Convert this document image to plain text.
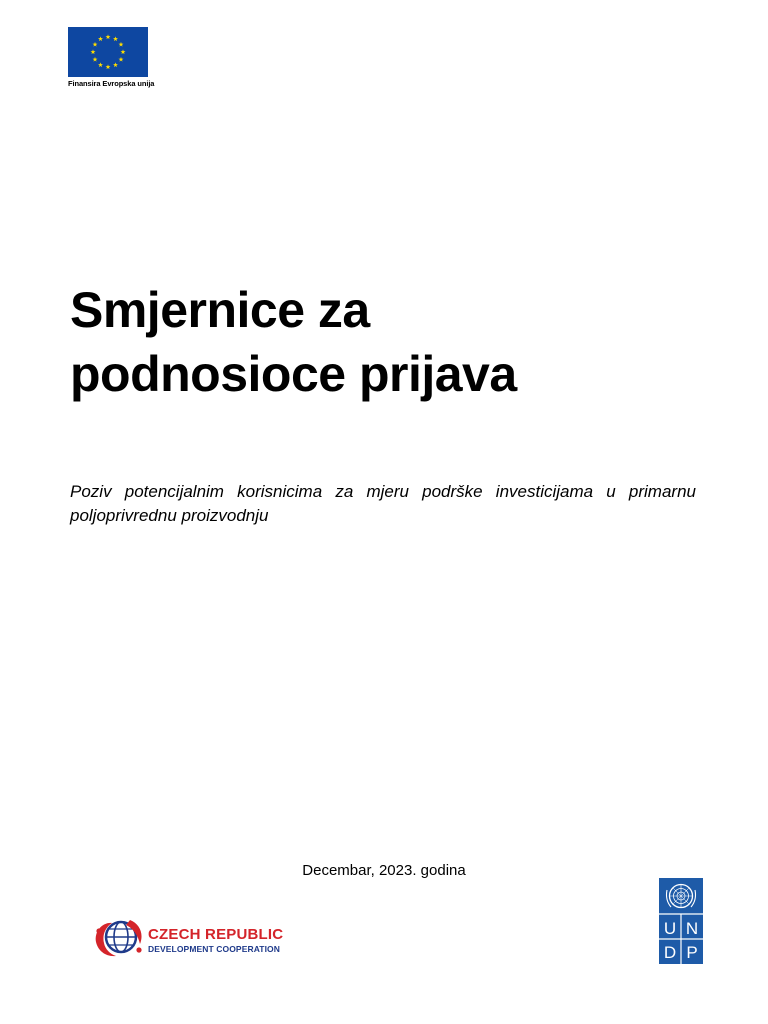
Finansira Evropska unija
Smjernice za
podnosioce prijava

Poziv potencijalnim korisnicima za mjeru podrške investicijama u primarnu poljoprivrednu proizvodnju

Decembar, 2023. godina
CZECH REPUBLIC
DEVELOPMENT COOPERATION
U N
D P
